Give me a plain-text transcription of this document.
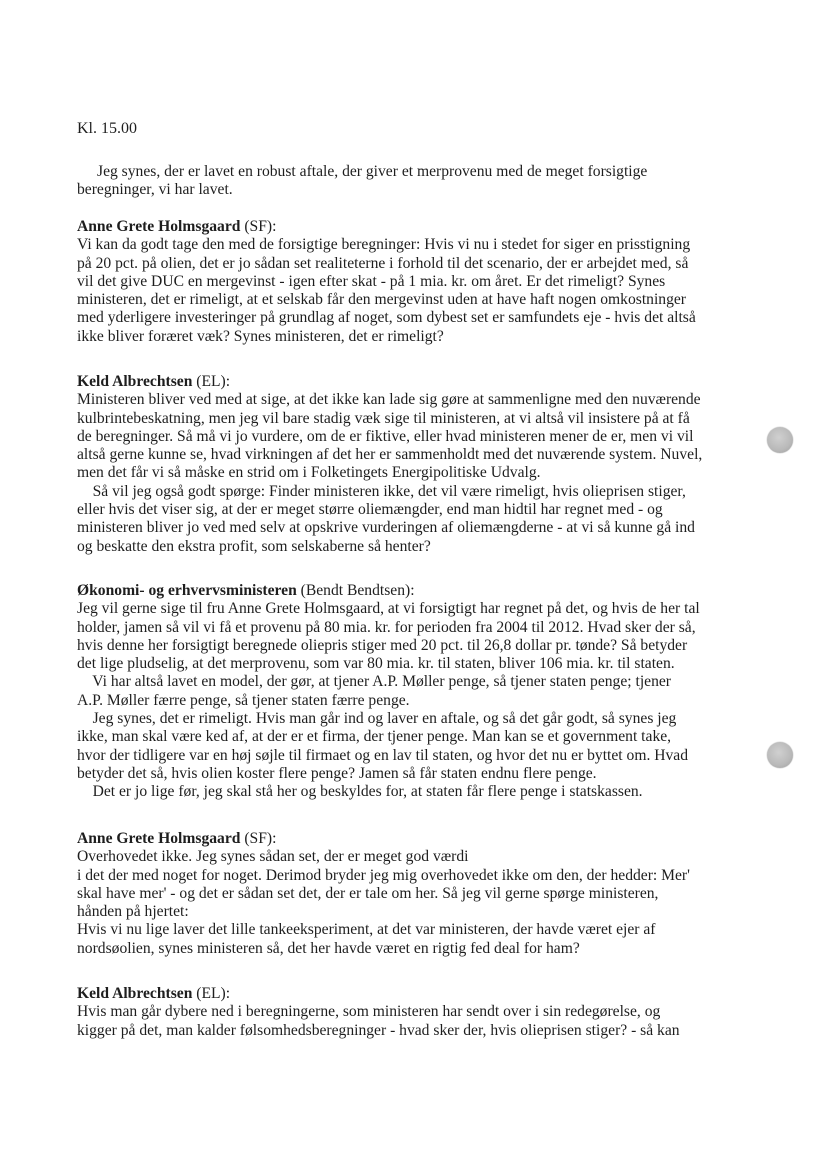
Kl. 15.00
Jeg synes, der er lavet en robust aftale, der giver et merprovenu med de meget forsigtige
beregninger, vi har lavet.
Anne Grete Holmsgaard (SF):
Vi kan da godt tage den med de forsigtige beregninger: Hvis vi nu i stedet for siger en prisstigning
på 20 pct. på olien, det er jo sådan set realiteterne i forhold til det scenario, der er arbejdet med, så
vil det give DUC en mergevinst - igen efter skat - på 1 mia. kr. om året. Er det rimeligt? Synes
ministeren, det er rimeligt, at et selskab får den mergevinst uden at have haft nogen omkostninger
med yderligere investeringer på grundlag af noget, som dybest set er samfundets eje - hvis det altså
ikke bliver foræret væk? Synes ministeren, det er rimeligt?
Keld Albrechtsen (EL):
Ministeren bliver ved med at sige, at det ikke kan lade sig gøre at sammenligne med den nuværende
kulbrintebeskatning, men jeg vil bare stadig væk sige til ministeren, at vi altså vil insistere på at få
de beregninger. Så må vi jo vurdere, om de er fiktive, eller hvad ministeren mener de er, men vi vil
altså gerne kunne se, hvad virkningen af det her er sammenholdt med det nuværende system. Nuvel,
men det får vi så måske en strid om i Folketingets Energipolitiske Udvalg.
Så vil jeg også godt spørge: Finder ministeren ikke, det vil være rimeligt, hvis olieprisen stiger,
eller hvis det viser sig, at der er meget større oliemængder, end man hidtil har regnet med - og
ministeren bliver jo ved med selv at opskrive vurderingen af oliemængderne - at vi så kunne gå ind
og beskatte den ekstra profit, som selskaberne så henter?
Økonomi- og erhvervsministeren (Bendt Bendtsen):
Jeg vil gerne sige til fru Anne Grete Holmsgaard, at vi forsigtigt har regnet på det, og hvis de her tal
holder, jamen så vil vi få et provenu på 80 mia. kr. for perioden fra 2004 til 2012. Hvad sker der så,
hvis denne her forsigtigt beregnede oliepris stiger med 20 pct. til 26,8 dollar pr. tønde? Så betyder
det lige pludselig, at det merprovenu, som var 80 mia. kr. til staten, bliver 106 mia. kr. til staten.
Vi har altså lavet en model, der gør, at tjener A.P. Møller penge, så tjener staten penge; tjener
A.P. Møller færre penge, så tjener staten færre penge.
Jeg synes, det er rimeligt. Hvis man går ind og laver en aftale, og så det går godt, så synes jeg
ikke, man skal være ked af, at der er et firma, der tjener penge. Man kan se et government take,
hvor der tidligere var en høj søjle til firmaet og en lav til staten, og hvor det nu er byttet om. Hvad
betyder det så, hvis olien koster flere penge? Jamen så får staten endnu flere penge.
Det er jo lige før, jeg skal stå her og beskyldes for, at staten får flere penge i statskassen.
Anne Grete Holmsgaard (SF):
Overhovedet ikke. Jeg synes sådan set, der er meget god værdi
i det der med noget for noget. Derimod bryder jeg mig overhovedet ikke om den, der hedder: Mer'
skal have mer' - og det er sådan set det, der er tale om her. Så jeg vil gerne spørge ministeren,
hånden på hjertet:
Hvis vi nu lige laver det lille tankeeksperiment, at det var ministeren, der havde været ejer af
nordsøolien, synes ministeren så, det her havde været en rigtig fed deal for ham?
Keld Albrechtsen (EL):
Hvis man går dybere ned i beregningerne, som ministeren har sendt over i sin redegørelse, og
kigger på det, man kalder følsomhedsberegninger - hvad sker der, hvis olieprisen stiger? - så kan
